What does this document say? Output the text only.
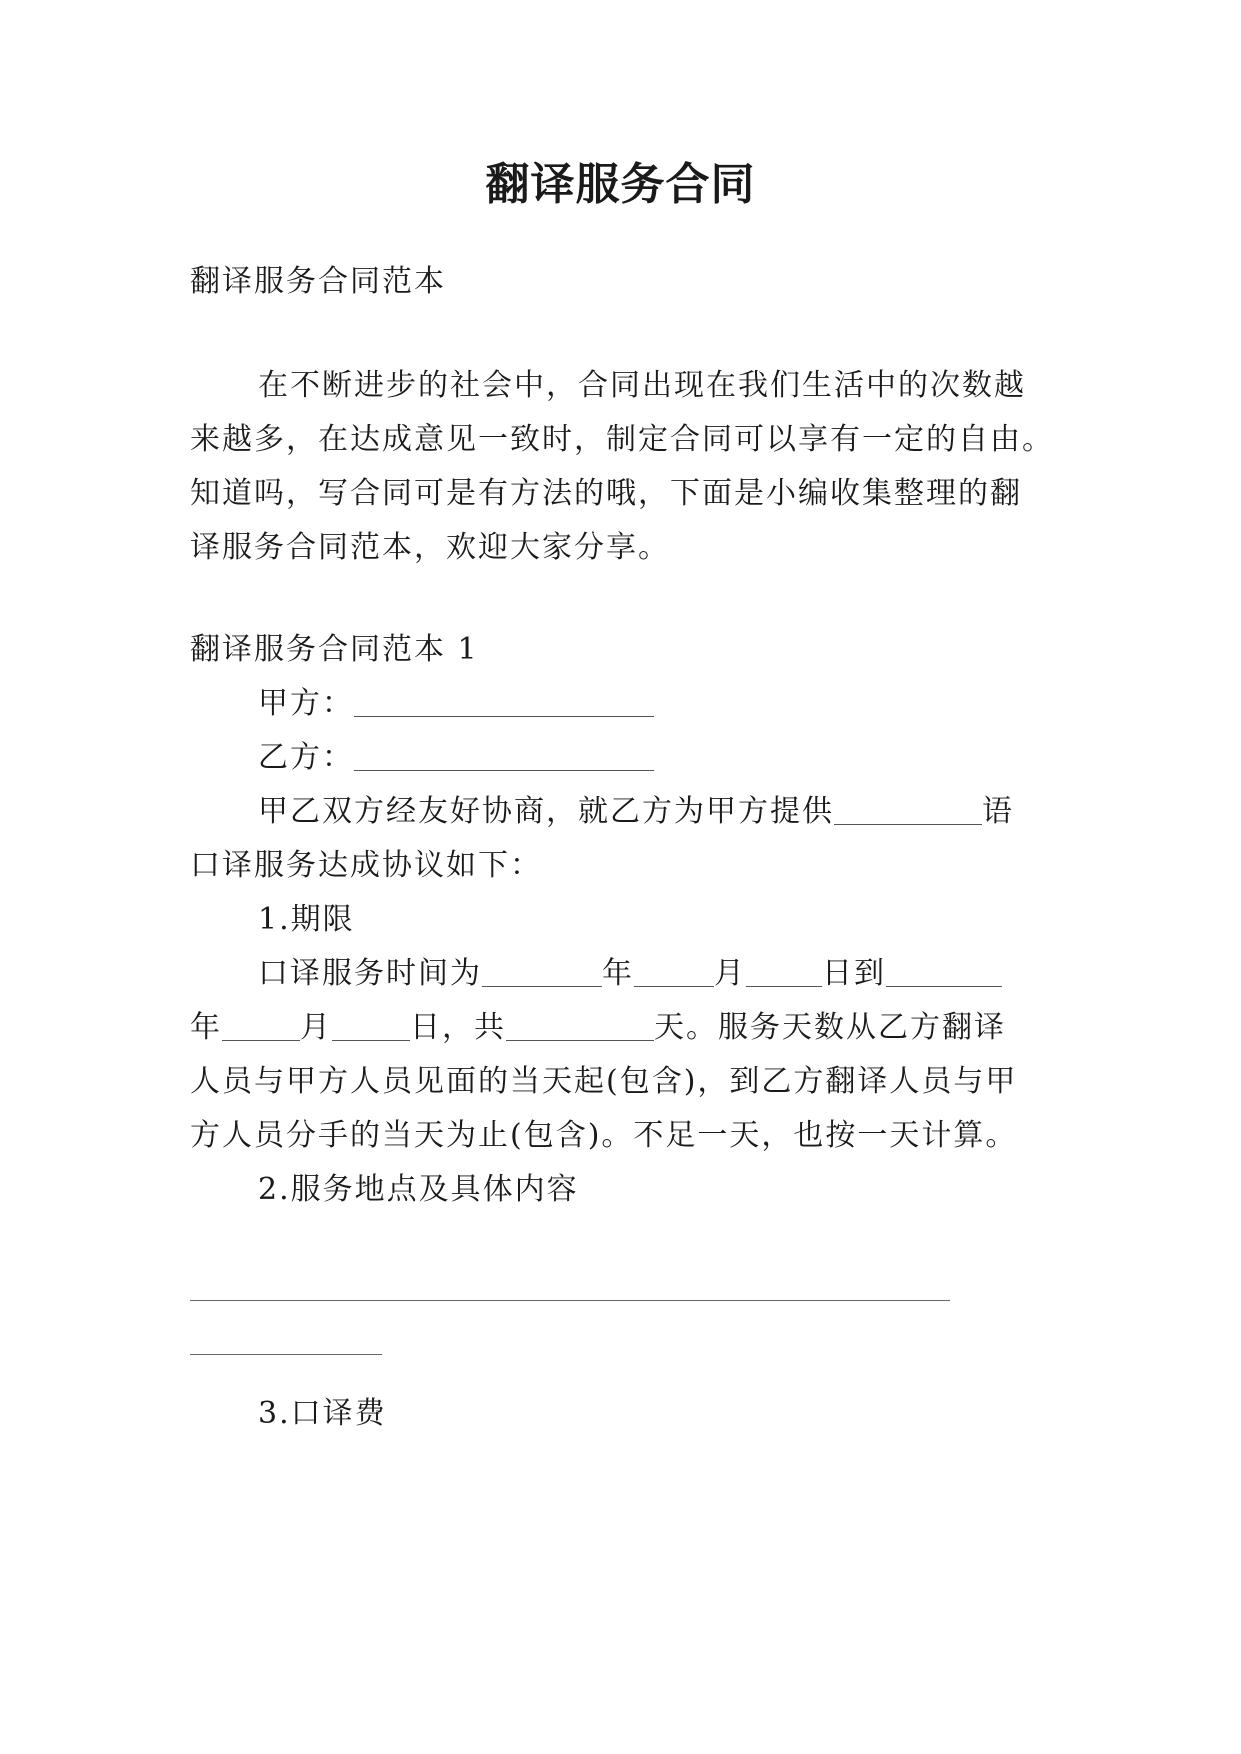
翻译服务合同
翻译服务合同范本
在不断进步的社会中，合同出现在我们生活中的次数越
来越多，在达成意见一致时，制定合同可以享有一定的自由。
知道吗，写合同可是有方法的哦，下面是小编收集整理的翻
译服务合同范本，欢迎大家分享。
翻译服务合同范本 1
甲方：
乙方：
甲乙双方经友好协商，就乙方为甲方提供	语
口译服务达成协议如下：
1.期限
口译服务时间为	年	月	日到
年	月	日，共	天。服务天数从乙方翻译
人员与甲方人员见面的当天起(包含)，到乙方翻译人员与甲
方人员分手的当天为止(包含)。不足一天，也按一天计算。
2.服务地点及具体内容
3.口译费
